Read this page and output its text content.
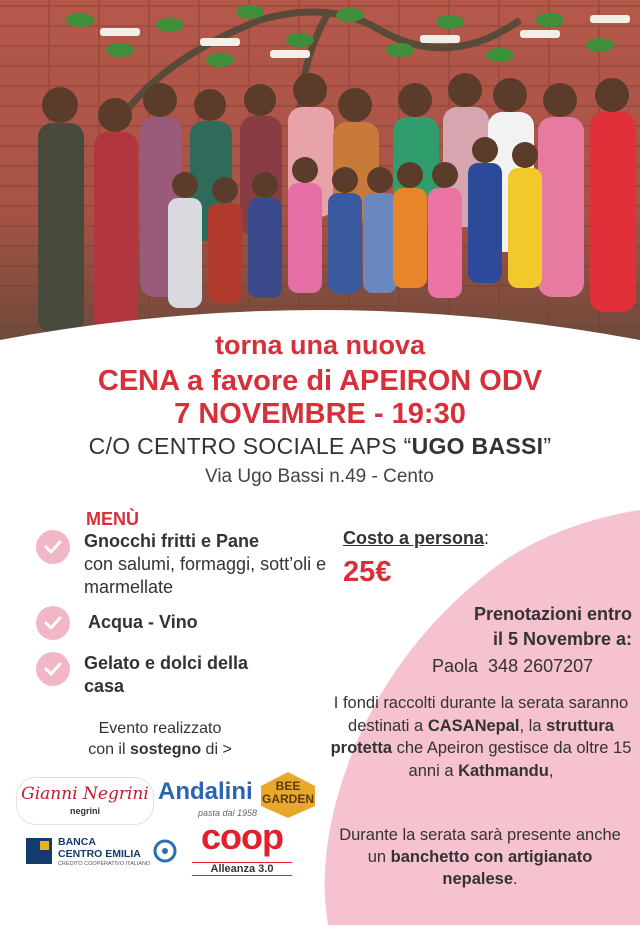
torna una nuova
CENA a favore di APEIRON ODV
7 NOVEMBRE - 19:30
C/O CENTRO SOCIALE APS “UGO BASSI”
Via Ugo Bassi n.49 - Cento
MENÙ
Gnocchi fritti e Pane
con salumi, formaggi, sott’oli e marmellate
Acqua - Vino
Gelato e dolci della casa
Costo a persona:
25€
Prenotazioni entro
il 5 Novembre a:
Paola 348 2607207
I fondi raccolti durante la serata saranno destinati a CASANepal, la struttura protetta che Apeiron gestisce da oltre 15 anni a Kathmandu,
Durante la serata sarà presente anche un banchetto con artigianato nepalese.
Evento realizzato
con il sostegno di >
Gianni Negrini
negrini
Andalini
pasta dal 1958
BEE GARDEN
BANCA
CENTRO EMILIA
CREDITO COOPERATIVO ITALIANO
coop
Alleanza 3.0
